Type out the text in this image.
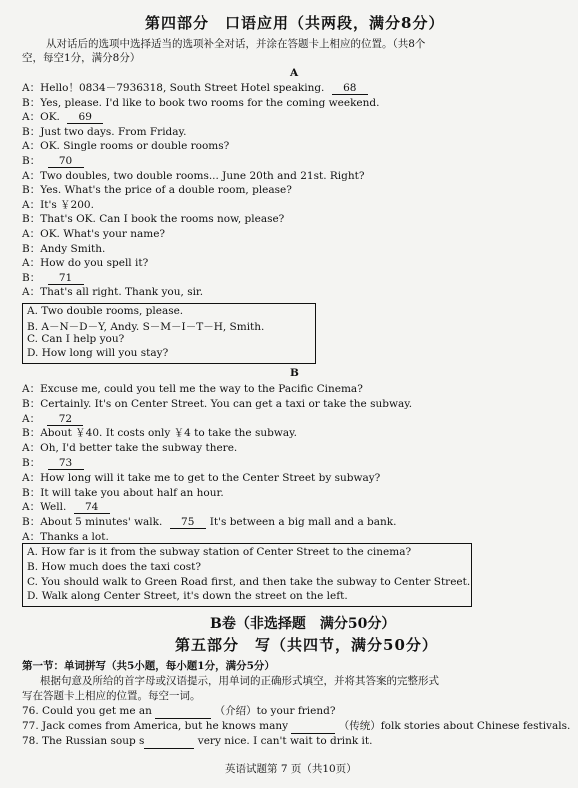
第四部分　口语应用（共两段，满分8分）
从对话后的选项中选择适当的选项补全对话，并涂在答题卡上相应的位置。（共8个
空，每空1分，满分8分）
A
A：Hello！0834－7936318, South Street Hotel speaking. 68
B：Yes, please. I'd like to book two rooms for the coming weekend.
A：OK. 69
B：Just two days. From Friday.
A：OK. Single rooms or double rooms?
B： 70
A：Two doubles, two double rooms... June 20th and 21st. Right?
B：Yes. What's the price of a double room, please?
A：It's ￥200.
B：That's OK. Can I book the rooms now, please?
A：OK. What's your name?
B：Andy Smith.
A：How do you spell it?
B： 71
A：That's all right. Thank you, sir.
A. Two double rooms, please.
B. A－N－D－Y, Andy. S－M－I－T－H, Smith.
C. Can I help you?
D. How long will you stay?
B
A：Excuse me, could you tell me the way to the Pacific Cinema?
B：Certainly. It's on Center Street. You can get a taxi or take the subway.
A： 72
B：About ￥40. It costs only ￥4 to take the subway.
A：Oh, I'd better take the subway there.
B： 73
A：How long will it take me to get to the Center Street by subway?
B：It will take you about half an hour.
A：Well. 74
B：About 5 minutes' walk. 75 It's between a big mall and a bank.
A：Thanks a lot.
A. How far is it from the subway station of Center Street to the cinema?
B. How much does the taxi cost?
C. You should walk to Green Road first, and then take the subway to Center Street.
D. Walk along Center Street, it's down the street on the left.
B卷（非选择题　满分50分）
第五部分　写（共四节，满分50分）
第一节：单词拼写（共5小题，每小题1分，满分5分）
根据句意及所给的首字母或汉语提示，用单词的正确形式填空，并将其答案的完整形式
写在答题卡上相应的位置。每空一词。
76. Could you get me an	（介绍）to your friend?
77. Jack comes from America, but he knows many	（传统）folk stories about Chinese festivals.
78. The Russian soup s	very nice. I can't wait to drink it.
英语试题第 7 页（共10页）
